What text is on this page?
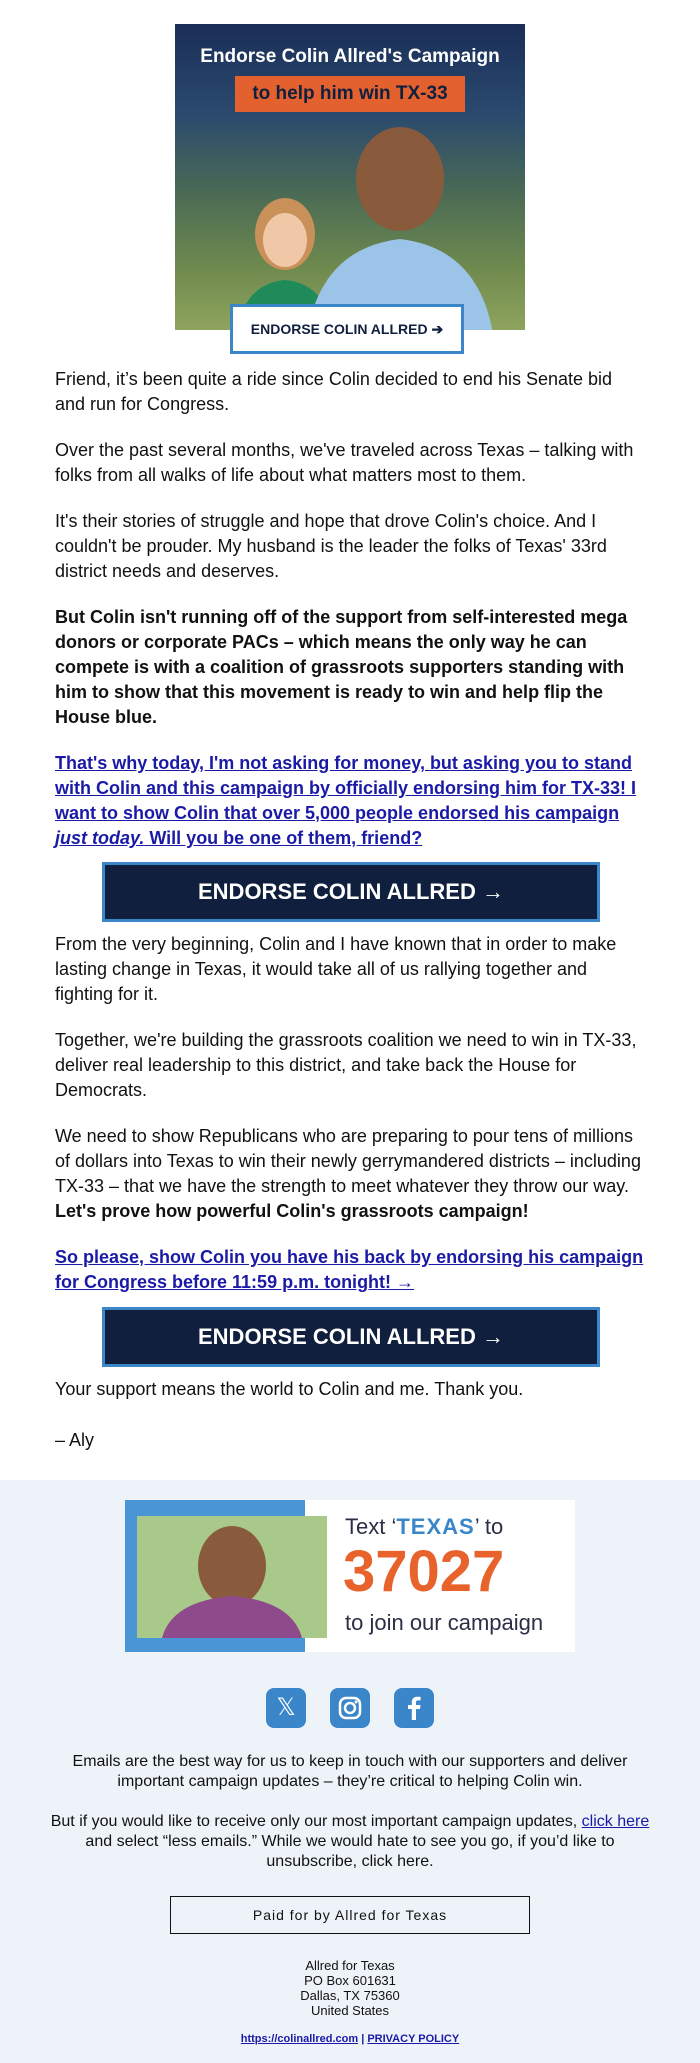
Endorse Colin Allred's Campaign
to help him win TX-33
ENDORSE COLIN ALLRED ➔

Friend, it’s been quite a ride since Colin decided to end his Senate bid and run for Congress.

Over the past several months, we've traveled across Texas – talking with folks from all walks of life about what matters most to them.

It's their stories of struggle and hope that drove Colin's choice. And I couldn't be prouder. My husband is the leader the folks of Texas' 33rd district needs and deserves.

But Colin isn't running off of the support from self-interested mega donors or corporate PACs – which means the only way he can compete is with a coalition of grassroots supporters standing with him to show that this movement is ready to win and help flip the House blue.

That's why today, I'm not asking for money, but asking you to stand with Colin and this campaign by officially endorsing him for TX-33! I want to show Colin that over 5,000 people endorsed his campaign just today. Will you be one of them, friend?

ENDORSE COLIN ALLRED →

From the very beginning, Colin and I have known that in order to make lasting change in Texas, it would take all of us rallying together and fighting for it.

Together, we're building the grassroots coalition we need to win in TX-33, deliver real leadership to this district, and take back the House for Democrats.

We need to show Republicans who are preparing to pour tens of millions of dollars into Texas to win their newly gerrymandered districts – including TX-33 – that we have the strength to meet whatever they throw our way. Let's prove how powerful Colin's grassroots campaign!

So please, show Colin you have his back by endorsing his campaign for Congress before 11:59 p.m. tonight! →

ENDORSE COLIN ALLRED →

Your support means the world to Colin and me. Thank you.

– Aly

Text ‘TEXAS’ to
37027
to join our campaign
𝕏
Emails are the best way for us to keep in touch with our supporters and deliver important campaign updates – they’re critical to helping Colin win.
But if you would like to receive only our most important campaign updates, click here and select “less emails.” While we would hate to see you go, if you’d like to unsubscribe, click here.
Paid for by Allred for Texas
Allred for Texas
PO Box 601631
Dallas, TX 75360
United States
https://colinallred.com | PRIVACY POLICY
